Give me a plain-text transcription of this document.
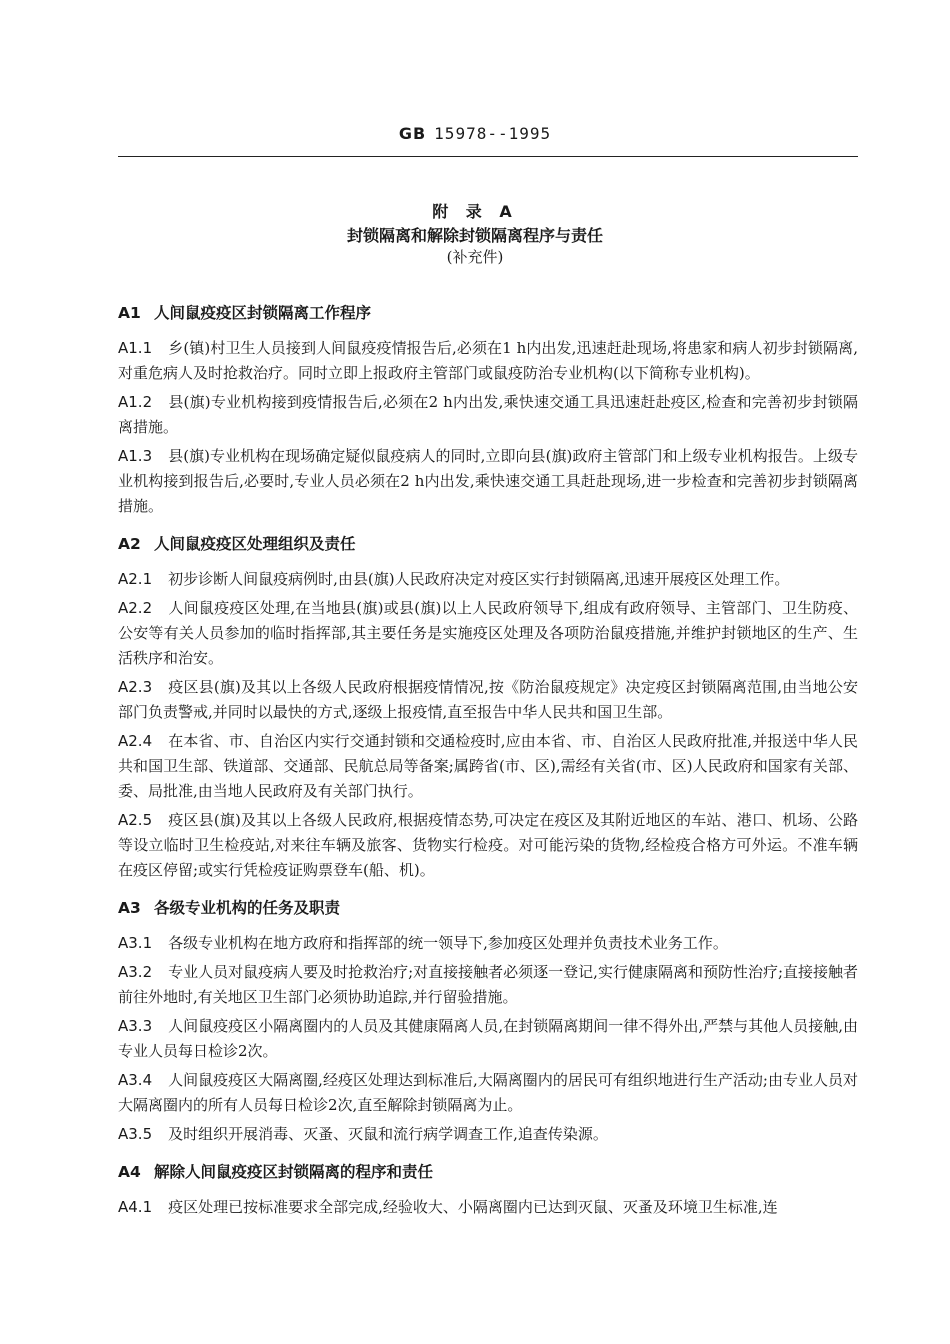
GB 15978--1995
附 录 A
封锁隔离和解除封锁隔离程序与责任
(补充件)
A1 人间鼠疫疫区封锁隔离工作程序
A1.1 乡(镇)村卫生人员接到人间鼠疫疫情报告后,必须在1 h内出发,迅速赶赴现场,将患家和病人初步封锁隔离,对重危病人及时抢救治疗。同时立即上报政府主管部门或鼠疫防治专业机构(以下简称专业机构)。
A1.2 县(旗)专业机构接到疫情报告后,必须在2 h内出发,乘快速交通工具迅速赶赴疫区,检查和完善初步封锁隔离措施。
A1.3 县(旗)专业机构在现场确定疑似鼠疫病人的同时,立即向县(旗)政府主管部门和上级专业机构报告。上级专业机构接到报告后,必要时,专业人员必须在2 h内出发,乘快速交通工具赶赴现场,进一步检查和完善初步封锁隔离措施。
A2 人间鼠疫疫区处理组织及责任
A2.1 初步诊断人间鼠疫病例时,由县(旗)人民政府决定对疫区实行封锁隔离,迅速开展疫区处理工作。
A2.2 人间鼠疫疫区处理,在当地县(旗)或县(旗)以上人民政府领导下,组成有政府领导、主管部门、卫生防疫、公安等有关人员参加的临时指挥部,其主要任务是实施疫区处理及各项防治鼠疫措施,并维护封锁地区的生产、生活秩序和治安。
A2.3 疫区县(旗)及其以上各级人民政府根据疫情情况,按《防治鼠疫规定》决定疫区封锁隔离范围,由当地公安部门负责警戒,并同时以最快的方式,逐级上报疫情,直至报告中华人民共和国卫生部。
A2.4 在本省、市、自治区内实行交通封锁和交通检疫时,应由本省、市、自治区人民政府批准,并报送中华人民共和国卫生部、铁道部、交通部、民航总局等备案;属跨省(市、区),需经有关省(市、区)人民政府和国家有关部、委、局批准,由当地人民政府及有关部门执行。
A2.5 疫区县(旗)及其以上各级人民政府,根据疫情态势,可决定在疫区及其附近地区的车站、港口、机场、公路等设立临时卫生检疫站,对来往车辆及旅客、货物实行检疫。对可能污染的货物,经检疫合格方可外运。不准车辆在疫区停留;或实行凭检疫证购票登车(船、机)。
A3 各级专业机构的任务及职责
A3.1 各级专业机构在地方政府和指挥部的统一领导下,参加疫区处理并负责技术业务工作。
A3.2 专业人员对鼠疫病人要及时抢救治疗;对直接接触者必须逐一登记,实行健康隔离和预防性治疗;直接接触者前往外地时,有关地区卫生部门必须协助追踪,并行留验措施。
A3.3 人间鼠疫疫区小隔离圈内的人员及其健康隔离人员,在封锁隔离期间一律不得外出,严禁与其他人员接触,由专业人员每日检诊2次。
A3.4 人间鼠疫疫区大隔离圈,经疫区处理达到标准后,大隔离圈内的居民可有组织地进行生产活动;由专业人员对大隔离圈内的所有人员每日检诊2次,直至解除封锁隔离为止。
A3.5 及时组织开展消毒、灭蚤、灭鼠和流行病学调查工作,追查传染源。
A4 解除人间鼠疫疫区封锁隔离的程序和责任
A4.1 疫区处理已按标准要求全部完成,经验收大、小隔离圈内已达到灭鼠、灭蚤及环境卫生标准,连
